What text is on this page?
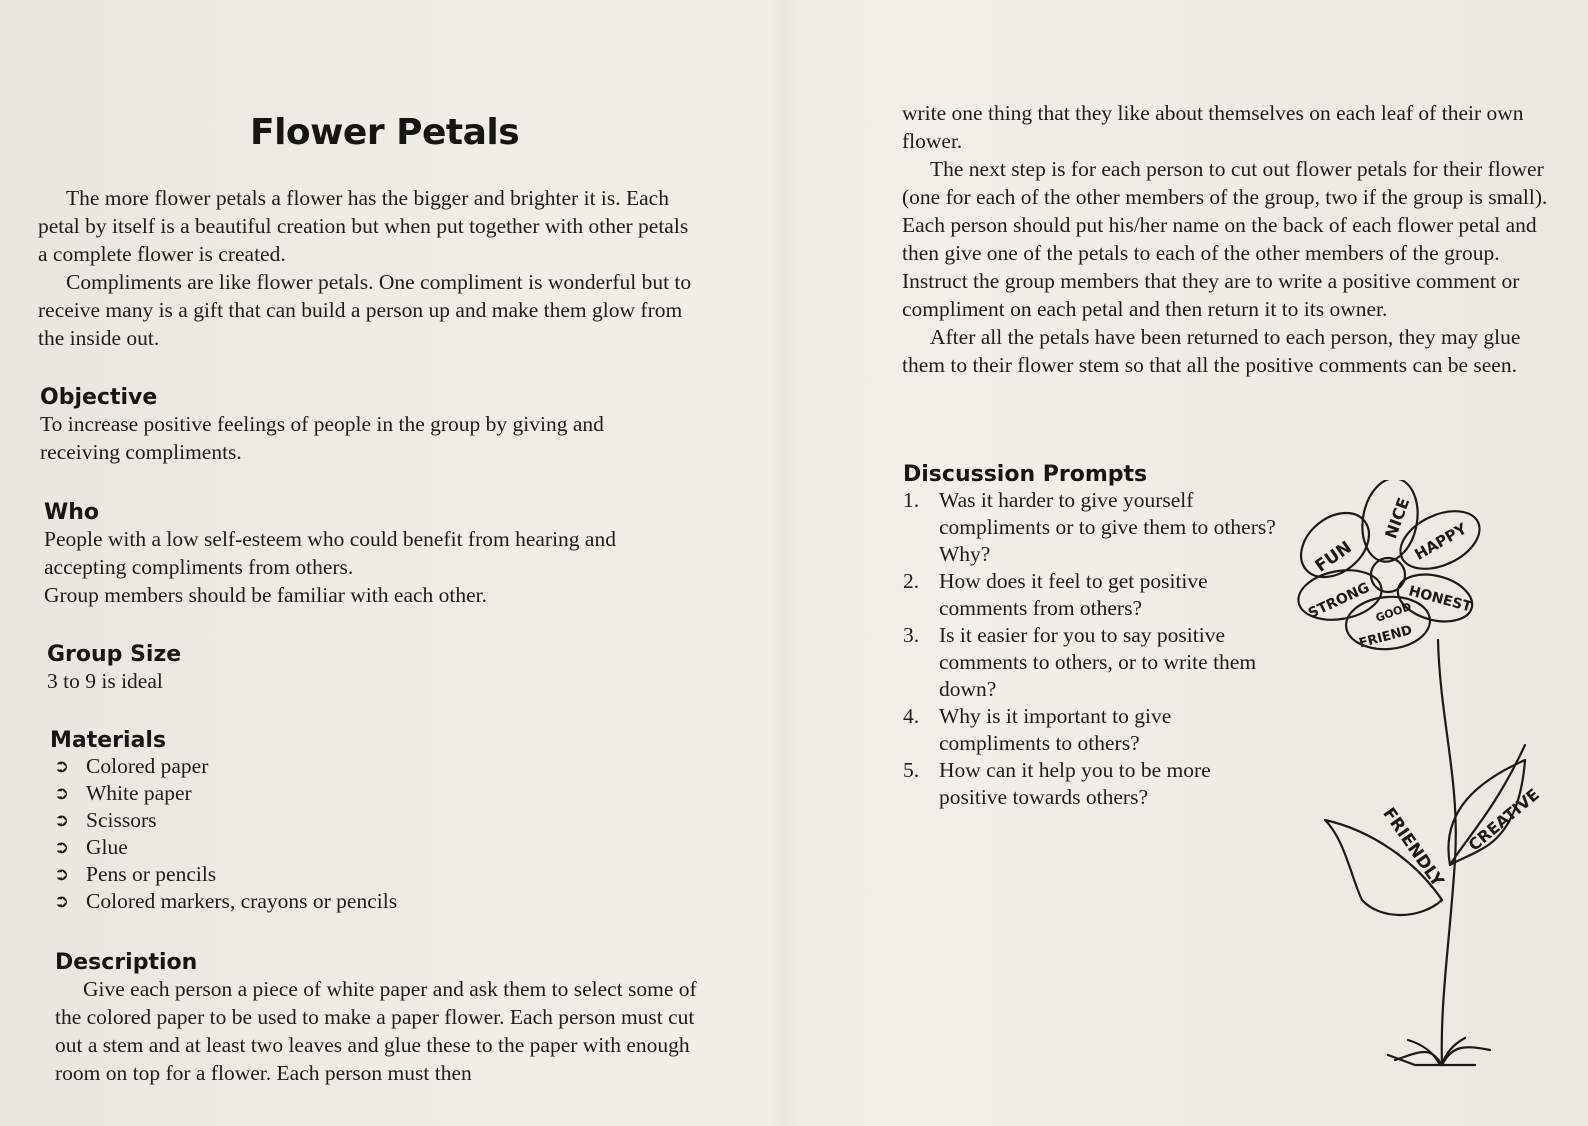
Flower Petals

The more flower petals a flower has the bigger and brighter it is. Each petal by itself is a beautiful creation but when put together with other petals a complete flower is created.

Compliments are like flower petals. One compliment is wonderful but to receive many is a gift that can build a person up and make them glow from the inside out.

Objective

To increase positive feelings of people in the group by giving and receiving compliments.

Who

People with a low self-esteem who could benefit from hearing and accepting compliments from others.

Group members should be familiar with each other.

Group Size

3 to 9 is ideal

Materials
➲ Colored paper
➲ White paper
➲ Scissors
➲ Glue
➲ Pens or pencils
➲ Colored markers, crayons or pencils
Description

Give each person a piece of white paper and ask them to select some of the colored paper to be used to make a paper flower. Each person must cut out a stem and at least two leaves and glue these to the paper with enough room on top for a flower. Each person must then

write one thing that they like about themselves on each leaf of their own flower.

The next step is for each person to cut out flower petals for their flower (one for each of the other members of the group, two if the group is small). Each person should put his/her name on the back of each flower petal and then give one of the petals to each of the other members of the group. Instruct the group members that they are to write a positive comment or compliment on each petal and then return it to its owner.

After all the petals have been returned to each person, they may glue them to their flower stem so that all the positive comments can be seen.

Discussion Prompts
1. Was it harder to give yourself compliments or to give them to others? Why?
2. How does it feel to get positive comments from others?
3. Is it easier for you to say positive comments to others, or to write them down?
4. Why is it important to give compliments to others?
5. How can it help you to be more positive towards others?
FUN
NICE
HAPPY
STRONG HONEST
GOOD
FRIEND
FRIENDLY CREATIVE
